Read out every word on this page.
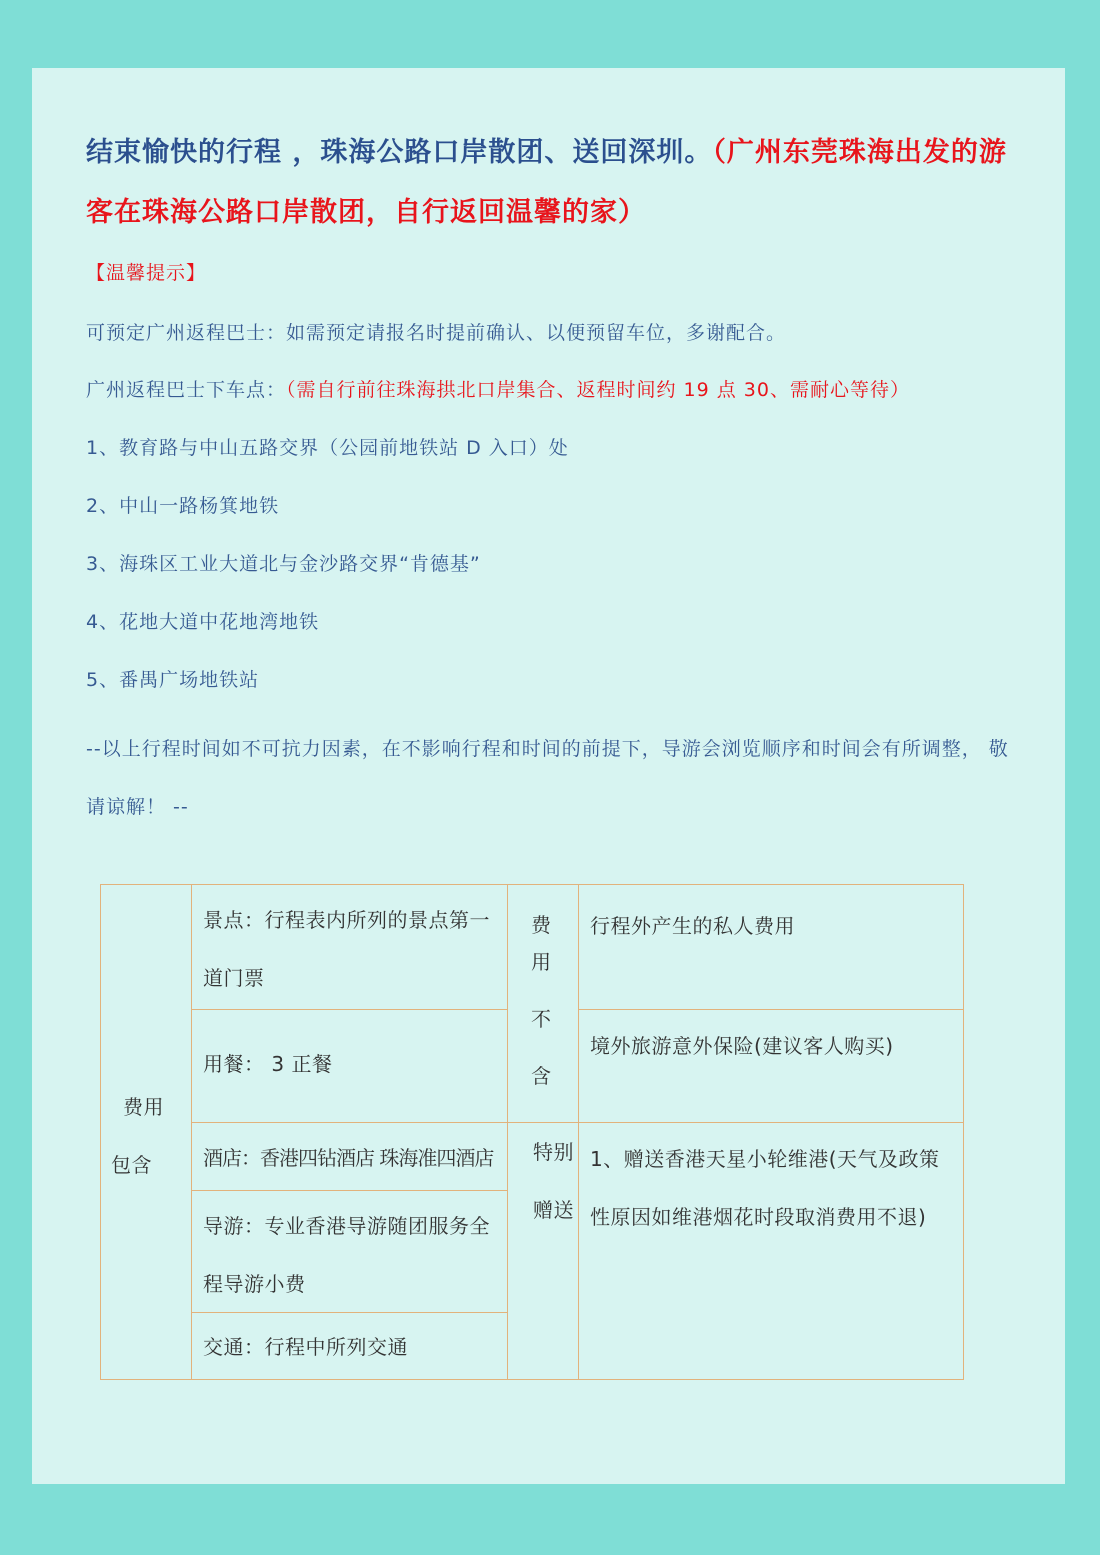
结束愉快的行程 ，珠海公路口岸散团、送回深圳。（广州东莞珠海出发的游客在珠海公路口岸散团，自行返回温馨的家）
【温馨提示】
可预定广州返程巴士：如需预定请报名时提前确认、以便预留车位，多谢配合。
广州返程巴士下车点：（需自行前往珠海拱北口岸集合、返程时间约 19 点 30、需耐心等待）
1、教育路与中山五路交界（公园前地铁站 D 入口）处
2、中山一路杨箕地铁
3、海珠区工业大道北与金沙路交界“肯德基”
4、花地大道中花地湾地铁
5、番禺广场地铁站
--以上行程时间如不可抗力因素，在不影响行程和时间的前提下，导游会浏览顺序和时间会有所调整， 敬请谅解！ --
费用
包含
景点：行程表内所列的景点第一道门票
用餐： 3 正餐
酒店：香港四钻酒店 珠海准四酒店
导游：专业香港导游随团服务全程导游小费
交通：行程中所列交通
费
用
不
含
行程外产生的私人费用
境外旅游意外保险(建议客人购买)
特别
赠送
1、赠送香港天星小轮维港(天气及政策性原因如维港烟花时段取消费用不退)
